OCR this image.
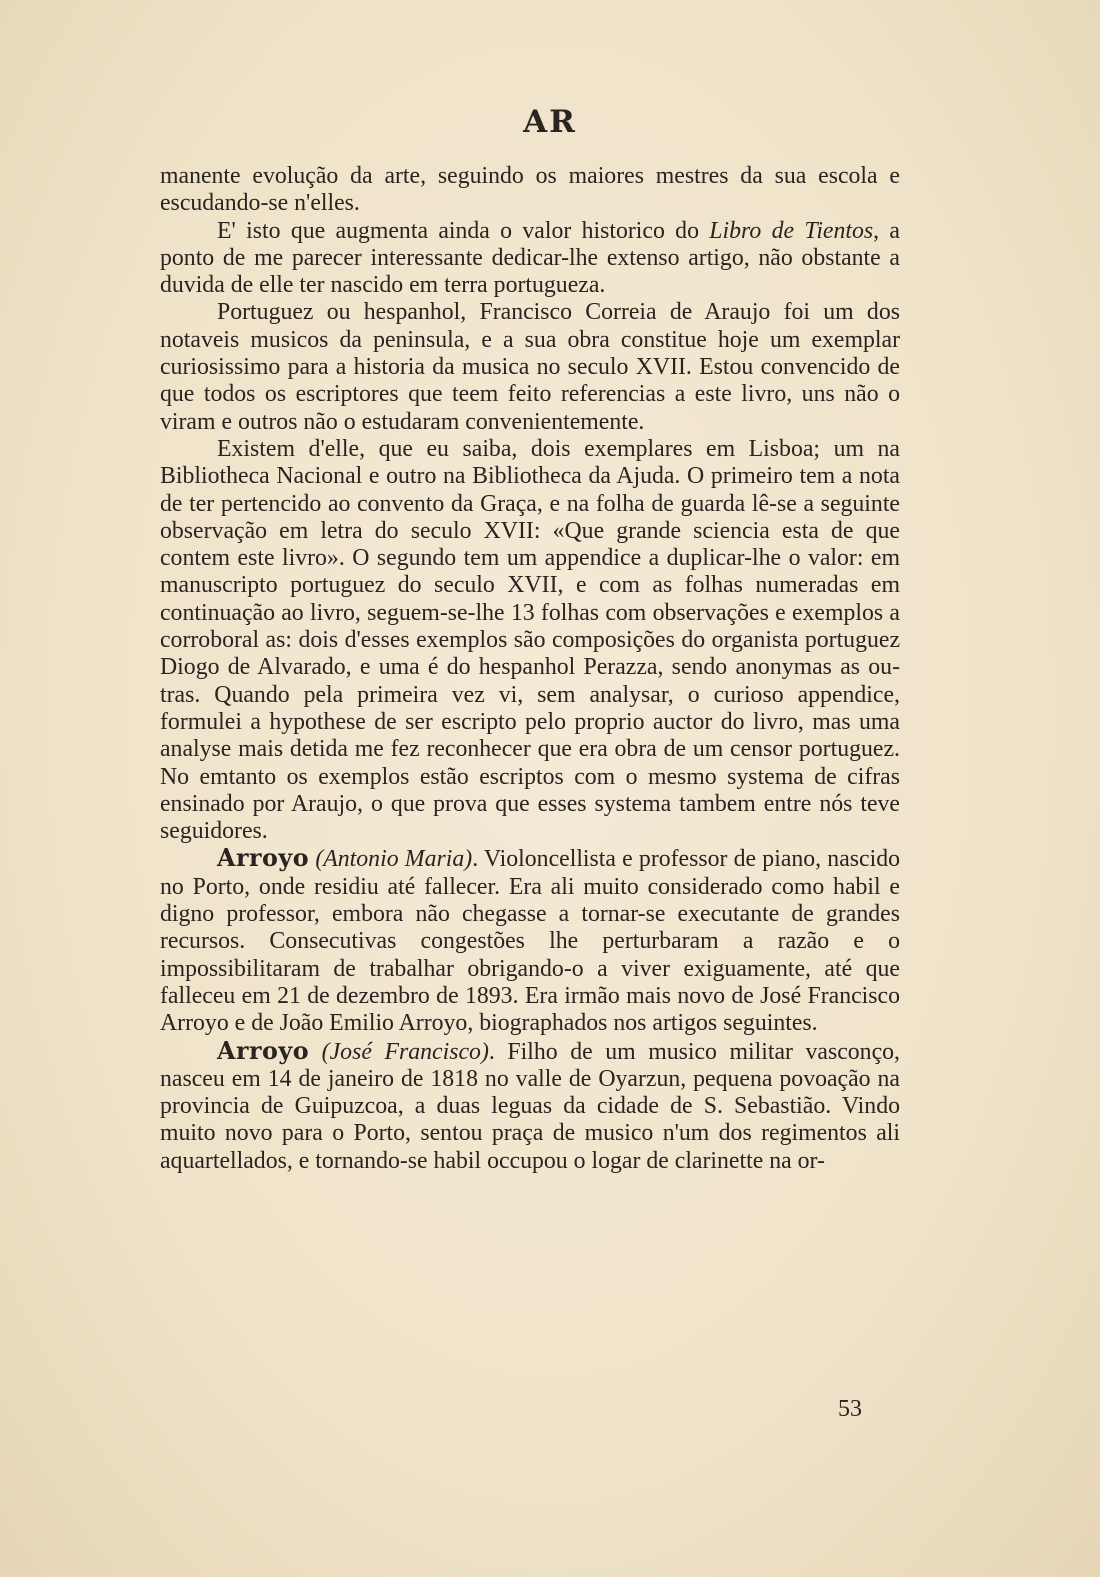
AR

manente evolução da arte, seguindo os maiores mestres da sua escola e escudando-se n'elles.

E' isto que augmenta ainda o valor historico do Libro de Tientos, a ponto de me parecer interessante dedicar-lhe extenso artigo, não obstante a duvida de elle ter nascido em terra portugueza.

Portuguez ou hespanhol, Francisco Correia de Araujo foi um dos notaveis musicos da peninsula, e a sua obra constitue hoje um exemplar curiosissimo para a historia da musica no seculo XVII. Estou convencido de que todos os escriptores que teem feito referencias a este livro, uns não o viram e outros não o estudaram convenientemente.

Existem d'elle, que eu saiba, dois exemplares em Lisboa; um na Bibliotheca Nacional e outro na Bibliotheca da Ajuda. O primeiro tem a nota de ter pertencido ao convento da Graça, e na folha de guarda lê-se a seguinte observação em letra do seculo XVII: «Que grande sciencia esta de que contem este livro». O segundo tem um appendice a duplicar-lhe o valor: em manuscripto portuguez do seculo XVII, e com as folhas numeradas em continuação ao livro, seguem-se-lhe 13 folhas com observações e exemplos a corroboral as: dois d'esses exemplos são composições do organista portuguez Diogo de Alvarado, e uma é do hespanhol Perazza, sendo anonymas as outras. Quando pela primeira vez vi, sem analysar, o curioso appendice, formulei a hypothese de ser escripto pelo proprio auctor do livro, mas uma analyse mais detida me fez reconhecer que era obra de um censor portuguez. No emtanto os exemplos estão escriptos com o mesmo systema de cifras ensinado por Araujo, o que prova que esses systema tambem entre nós teve seguidores.

Arroyo (Antonio Maria). Violoncellista e professor de piano, nascido no Porto, onde residiu até fallecer. Era ali muito considerado como habil e digno professor, embora não chegasse a tornar-se executante de grandes recursos. Consecutivas congestões lhe perturbaram a razão e o impossibilitaram de trabalhar obrigando-o a viver exiguamente, até que falleceu em 21 de dezembro de 1893. Era irmão mais novo de José Francisco Arroyo e de João Emilio Arroyo, biographados nos artigos seguintes.

Arroyo (José Francisco). Filho de um musico militar vasconço, nasceu em 14 de janeiro de 1818 no valle de Oyarzun, pequena povoação na provincia de Guipuzcoa, a duas leguas da cidade de S. Sebastião. Vindo muito novo para o Porto, sentou praça de musico n'um dos regimentos ali aquartellados, e tornando-se habil occupou o logar de clarinette na or-

53
